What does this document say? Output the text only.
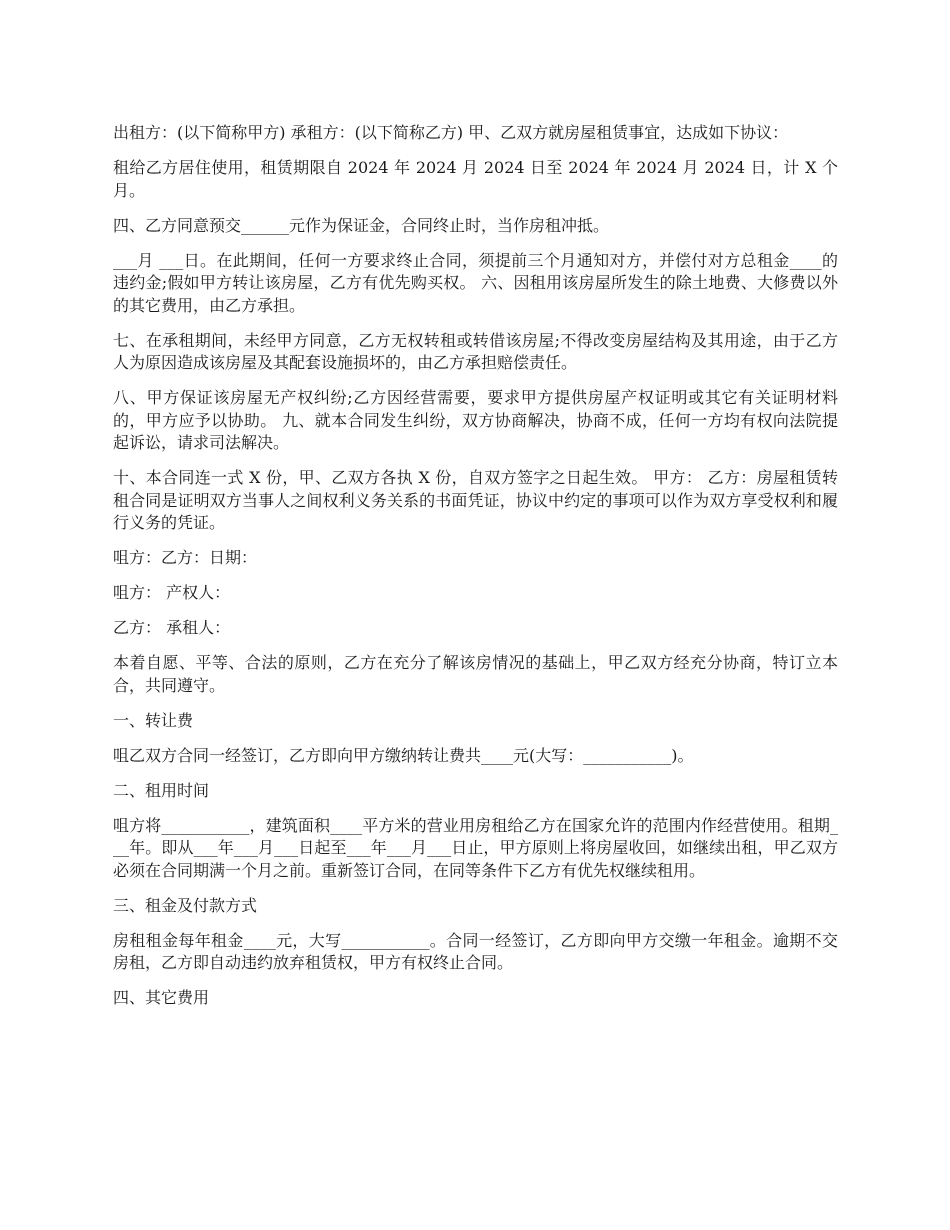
出租方：(以下简称甲方) 承租方：(以下简称乙方) 甲、乙双方就房屋租赁事宜，达成如下协议：

租给乙方居住使用，租赁期限自 2024 年 2024 月 2024 日至 2024 年 2024 月 2024 日，计 X 个月。

四、乙方同意预交______元作为保证金，合同终止时，当作房租冲抵。

___月 ___日。在此期间，任何一方要求终止合同，须提前三个月通知对方，并偿付对方总租金____的违约金;假如甲方转让该房屋，乙方有优先购买权。 六、因租用该房屋所发生的除土地费、大修费以外的其它费用，由乙方承担。

七、在承租期间，未经甲方同意，乙方无权转租或转借该房屋;不得改变房屋结构及其用途，由于乙方人为原因造成该房屋及其配套设施损坏的，由乙方承担赔偿责任。

八、甲方保证该房屋无产权纠纷;乙方因经营需要，要求甲方提供房屋产权证明或其它有关证明材料的，甲方应予以协助。 九、就本合同发生纠纷，双方协商解决，协商不成，任何一方均有权向法院提起诉讼，请求司法解决。

十、本合同连一式 X 份，甲、乙双方各执 X 份，自双方签字之日起生效。 甲方： 乙方：房屋租赁转租合同是证明双方当事人之间权利义务关系的书面凭证，协议中约定的事项可以作为双方享受权利和履行义务的凭证。

咀方：乙方：日期：

咀方： 产权人：

乙方： 承租人：

本着自愿、平等、合法的原则，乙方在充分了解该房情况的基础上，甲乙双方经充分协商，特订立本合，共同遵守。

一、转让费

咀乙双方合同一经签订，乙方即向甲方缴纳转让费共____元(大写：___________)。

二、租用时间

咀方将___________，建筑面积____平方米的营业用房租给乙方在国家允许的范围内作经营使用。租期___年。即从___年___月___日起至___年___月___日止，甲方原则上将房屋收回，如继续出租，甲乙双方必须在合同期满一个月之前。重新签订合同，在同等条件下乙方有优先权继续租用。

三、租金及付款方式

房租租金每年租金____元，大写___________。合同一经签订，乙方即向甲方交缴一年租金。逾期不交房租，乙方即自动违约放弃租赁权，甲方有权终止合同。

四、其它费用
